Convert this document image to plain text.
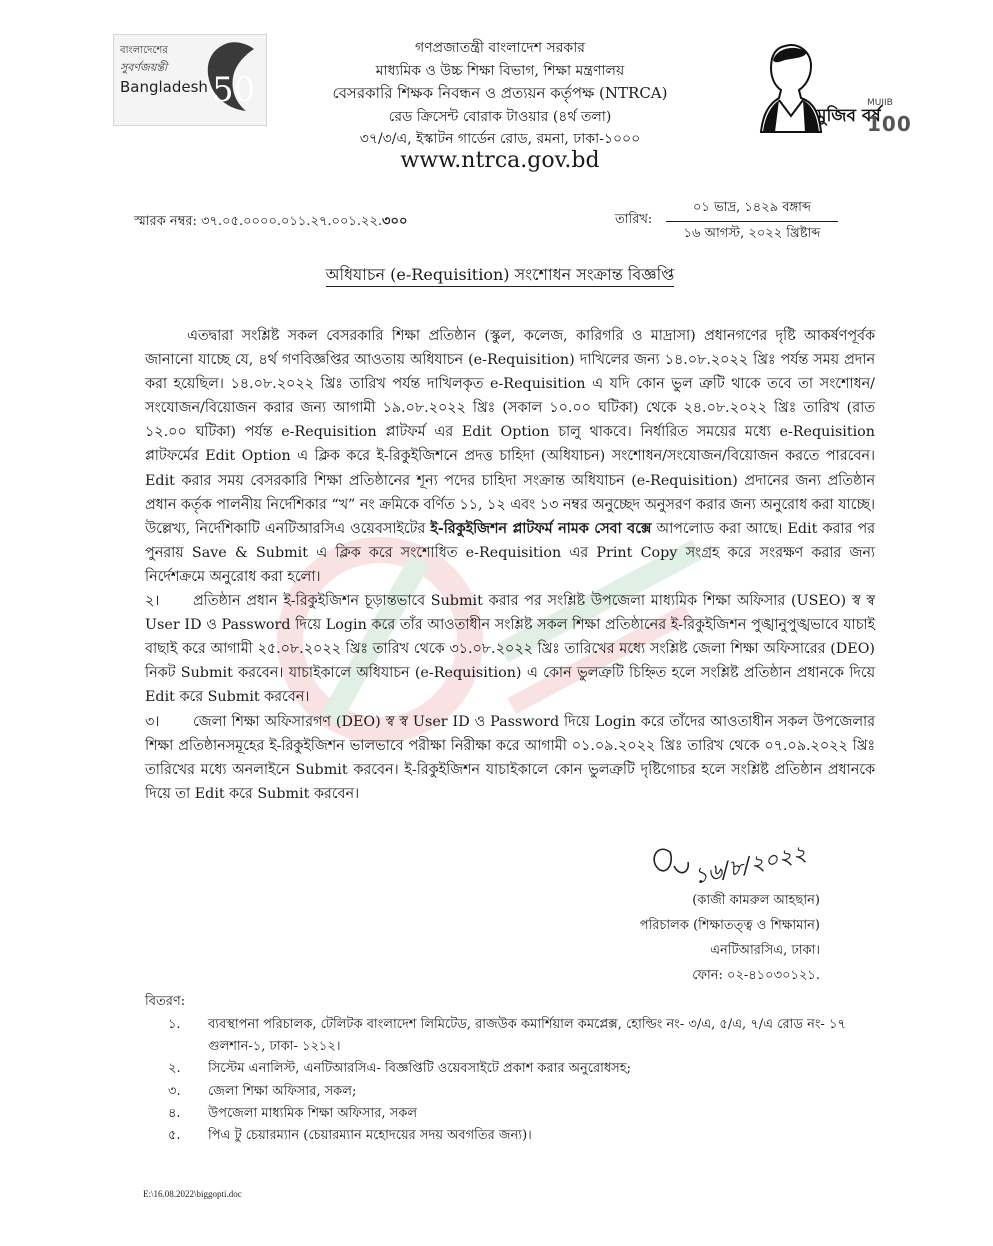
বাংলাদেশের
সুবর্ণজয়ন্তী
Bangladesh 50
মুজিব বর্ষ
MUJIB
100
গণপ্রজাতন্ত্রী বাংলাদেশ সরকার
মাধ্যমিক ও উচ্চ শিক্ষা বিভাগ, শিক্ষা মন্ত্রণালয়
বেসরকারি শিক্ষক নিবন্ধন ও প্রত্যয়ন কর্তৃপক্ষ (NTRCA)
রেড ক্রিসেন্ট বোরাক টাওয়ার (৪র্থ তলা)
৩৭/৩/এ, ইস্কাটন গার্ডেন রোড, রমনা, ঢাকা-১০০০
www.ntrca.gov.bd
স্মারক নম্বর: ৩৭.০৫.০০০০.০১১.২৭.০০১.২২.৩০০	তারিখ:
০১ ভাদ্র, ১৪২৯ বঙ্গাব্দ
১৬ আগস্ট, ২০২২ খ্রিষ্টাব্দ
অধিযাচন (e-Requisition) সংশোধন সংক্রান্ত বিজ্ঞপ্তি

এতদ্বারা সংশ্লিষ্ট সকল বেসরকারি শিক্ষা প্রতিষ্ঠান (স্কুল, কলেজ, কারিগরি ও মাদ্রাসা) প্রধানগণের দৃষ্টি আকর্ষণপূর্বক জানানো যাচ্ছে যে, ৪র্থ গণবিজ্ঞপ্তির আওতায় অধিযাচন (e-Requisition) দাখিলের জন্য ১৪.০৮.২০২২ খ্রিঃ পর্যন্ত সময় প্রদান করা হয়েছিল। ১৪.০৮.২০২২ খ্রিঃ তারিখ পর্যন্ত দাখিলকৃত e-Requisition এ যদি কোন ভুল ত্রুটি থাকে তবে তা সংশোধন/সংযোজন/বিয়োজন করার জন্য আগামী ১৯.০৮.২০২২ খ্রিঃ (সকাল ১০.০০ ঘটিকা) থেকে ২৪.০৮.২০২২ খ্রিঃ তারিখ (রাত ১২.০০ ঘটিকা) পর্যন্ত e-Requisition প্লাটফর্ম এর Edit Option চালু থাকবে। নির্ধারিত সময়ের মধ্যে e-Requisition প্লাটফর্মের Edit Option এ ক্লিক করে ই-রিকুইজিশনে প্রদত্ত চাহিদা (অধিযাচন) সংশোধন/সংযোজন/বিয়োজন করতে পারবেন। Edit করার সময় বেসরকারি শিক্ষা প্রতিষ্ঠানের শূন্য পদের চাহিদা সংক্রান্ত অধিযাচন (e-Requisition) প্রদানের জন্য প্রতিষ্ঠান প্রধান কর্তৃক পালনীয় নির্দেশিকার “খ” নং ক্রমিকে বর্ণিত ১১, ১২ এবং ১৩ নম্বর অনুচ্ছেদ অনুসরণ করার জন্য অনুরোধ করা যাচ্ছে। উল্লেখ্য, নির্দেশিকাটি এনটিআরসিএ ওয়েবসাইটের ই-রিকুইজিশন প্লাটফর্ম নামক সেবা বক্সে আপলোড করা আছে। Edit করার পর পুনরায় Save & Submit এ ক্লিক করে সংশোধিত e-Requisition এর Print Copy সংগ্রহ করে সংরক্ষণ করার জন্য নির্দেশক্রমে অনুরোধ করা হলো।

২। প্রতিষ্ঠান প্রধান ই-রিকুইজিশন চূড়ান্তভাবে Submit করার পর সংশ্লিষ্ট উপজেলা মাধ্যমিক শিক্ষা অফিসার (USEO) স্ব স্ব User ID ও Password দিয়ে Login করে তাঁর আওতাধীন সংশ্লিষ্ট সকল শিক্ষা প্রতিষ্ঠানের ই-রিকুইজিশন পুঙ্খানুপুঙ্খভাবে যাচাই বাছাই করে আগামী ২৫.০৮.২০২২ খ্রিঃ তারিখ থেকে ৩১.০৮.২০২২ খ্রিঃ তারিখের মধ্যে সংশ্লিষ্ট জেলা শিক্ষা অফিসারের (DEO) নিকট Submit করবেন। যাচাইকালে অধিযাচন (e-Requisition) এ কোন ভুলত্রুটি চিহ্নিত হলে সংশ্লিষ্ট প্রতিষ্ঠান প্রধানকে দিয়ে Edit করে Submit করবেন।

৩। জেলা শিক্ষা অফিসারগণ (DEO) স্ব স্ব User ID ও Password দিয়ে Login করে তাঁদের আওতাধীন সকল উপজেলার শিক্ষা প্রতিষ্ঠানসমূহের ই-রিকুইজিশন ভালভাবে পরীক্ষা নিরীক্ষা করে আগামী ০১.০৯.২০২২ খ্রিঃ তারিখ থেকে ০৭.০৯.২০২২ খ্রিঃ তারিখের মধ্যে অনলাইনে Submit করবেন। ই-রিকুইজিশন যাচাইকালে কোন ভুলত্রুটি দৃষ্টিগোচর হলে সংশ্লিষ্ট প্রতিষ্ঠান প্রধানকে দিয়ে তা Edit করে Submit করবেন।

১৬/৮/২০২২
(কাজী কামরুল আহছান)
পরিচালক (শিক্ষাতত্ত্ব ও শিক্ষামান)
এনটিআরসিএ, ঢাকা।
ফোন: ০২-৪১০৩০১২১.
বিতরণ:
১.	ব্যবস্থাপনা পরিচালক, টেলিটক বাংলাদেশ লিমিটেড, রাজউক কমার্শিয়াল কমপ্লেক্স, হোল্ডিং নং- ৩/এ, ৫/এ, ৭/এ রোড নং- ১৭ গুলশান-১, ঢাকা- ১২১২।
২.	সিস্টেম এনালিস্ট, এনটিআরসিএ- বিজ্ঞপ্তিটি ওয়েবসাইটে প্রকাশ করার অনুরোধসহ;
৩.	জেলা শিক্ষা অফিসার, সকল;
৪.	উপজেলা মাধ্যমিক শিক্ষা অফিসার, সকল
৫.	পিএ টু চেয়ারম্যান (চেয়ারম্যান মহোদয়ের সদয় অবগতির জন্য)।
E:\16.08.2022\biggopti.doc
